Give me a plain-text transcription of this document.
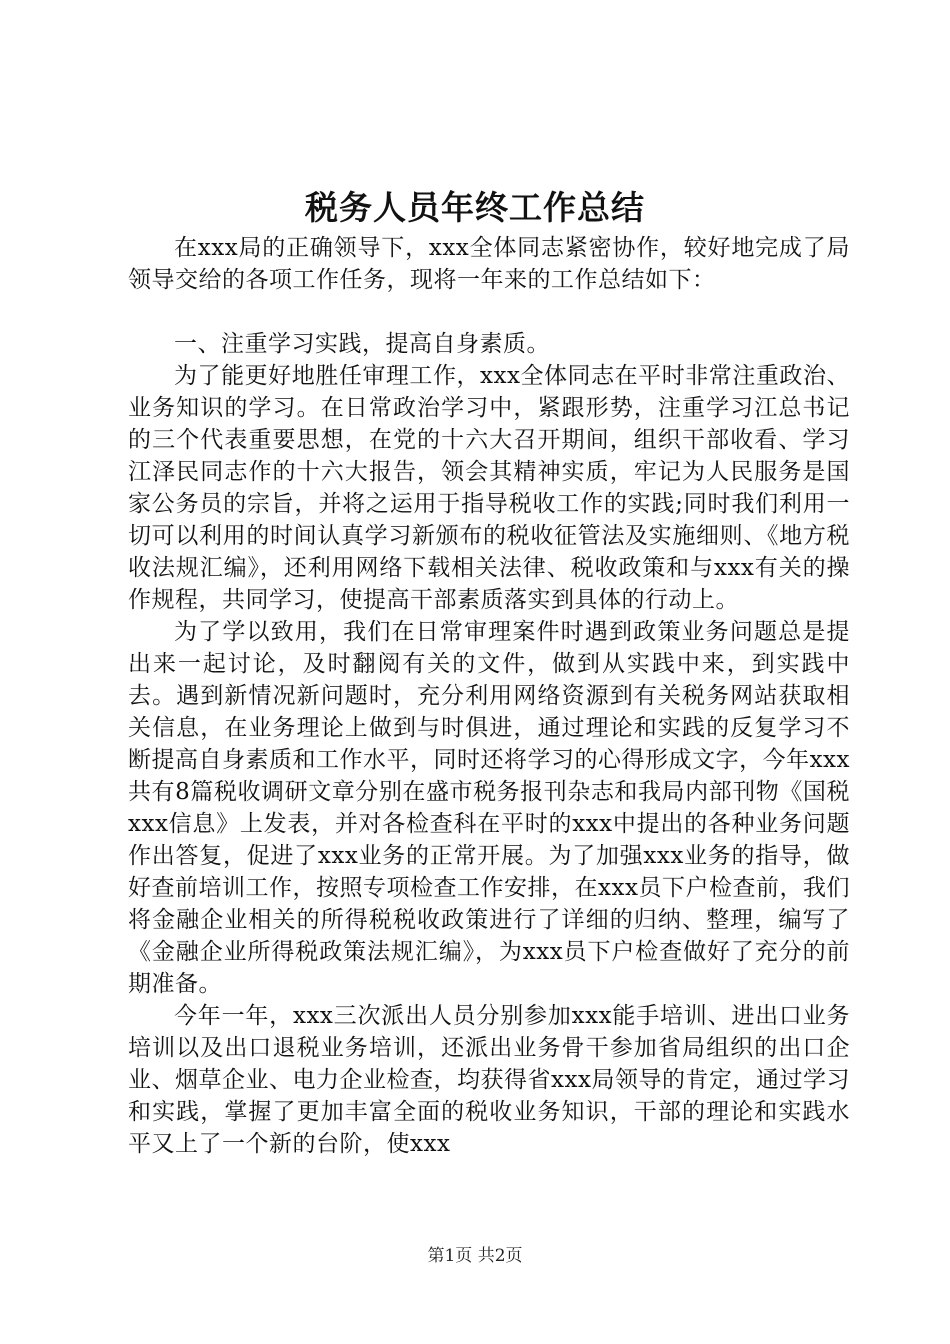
税务人员年终工作总结

在xxx局的正确领导下，xxx全体同志紧密协作，较好地完成了局领导交给的各项工作任务，现将一年来的工作总结如下：

一、注重学习实践，提高自身素质。

为了能更好地胜任审理工作，xxx全体同志在平时非常注重政治、业务知识的学习。在日常政治学习中，紧跟形势，注重学习江总书记的三个代表重要思想，在党的十六大召开期间，组织干部收看、学习江泽民同志作的十六大报告，领会其精神实质，牢记为人民服务是国家公务员的宗旨，并将之运用于指导税收工作的实践;同时我们利用一切可以利用的时间认真学习新颁布的税收征管法及实施细则、《地方税收法规汇编》，还利用网络下载相关法律、税收政策和与xxx有关的操作规程，共同学习，使提高干部素质落实到具体的行动上。

为了学以致用，我们在日常审理案件时遇到政策业务问题总是提出来一起讨论，及时翻阅有关的文件，做到从实践中来，到实践中去。遇到新情况新问题时，充分利用网络资源到有关税务网站获取相关信息，在业务理论上做到与时俱进，通过理论和实践的反复学习不断提高自身素质和工作水平，同时还将学习的心得形成文字，今年xxx共有8篇税收调研文章分别在盛市税务报刊杂志和我局内部刊物《国税xxx信息》上发表，并对各检查科在平时的xxx中提出的各种业务问题作出答复，促进了xxx业务的正常开展。为了加强xxx业务的指导，做好查前培训工作，按照专项检查工作安排，在xxx员下户检查前，我们将金融企业相关的所得税税收政策进行了详细的归纳、整理，编写了《金融企业所得税政策法规汇编》，为xxx员下户检查做好了充分的前期准备。

今年一年，xxx三次派出人员分别参加xxx能手培训、进出口业务培训以及出口退税业务培训，还派出业务骨干参加省局组织的出口企业、烟草企业、电力企业检查，均获得省xxx局领导的肯定，通过学习和实践，掌握了更加丰富全面的税收业务知识，干部的理论和实践水平又上了一个新的台阶，使xxx

第1页 共2页
